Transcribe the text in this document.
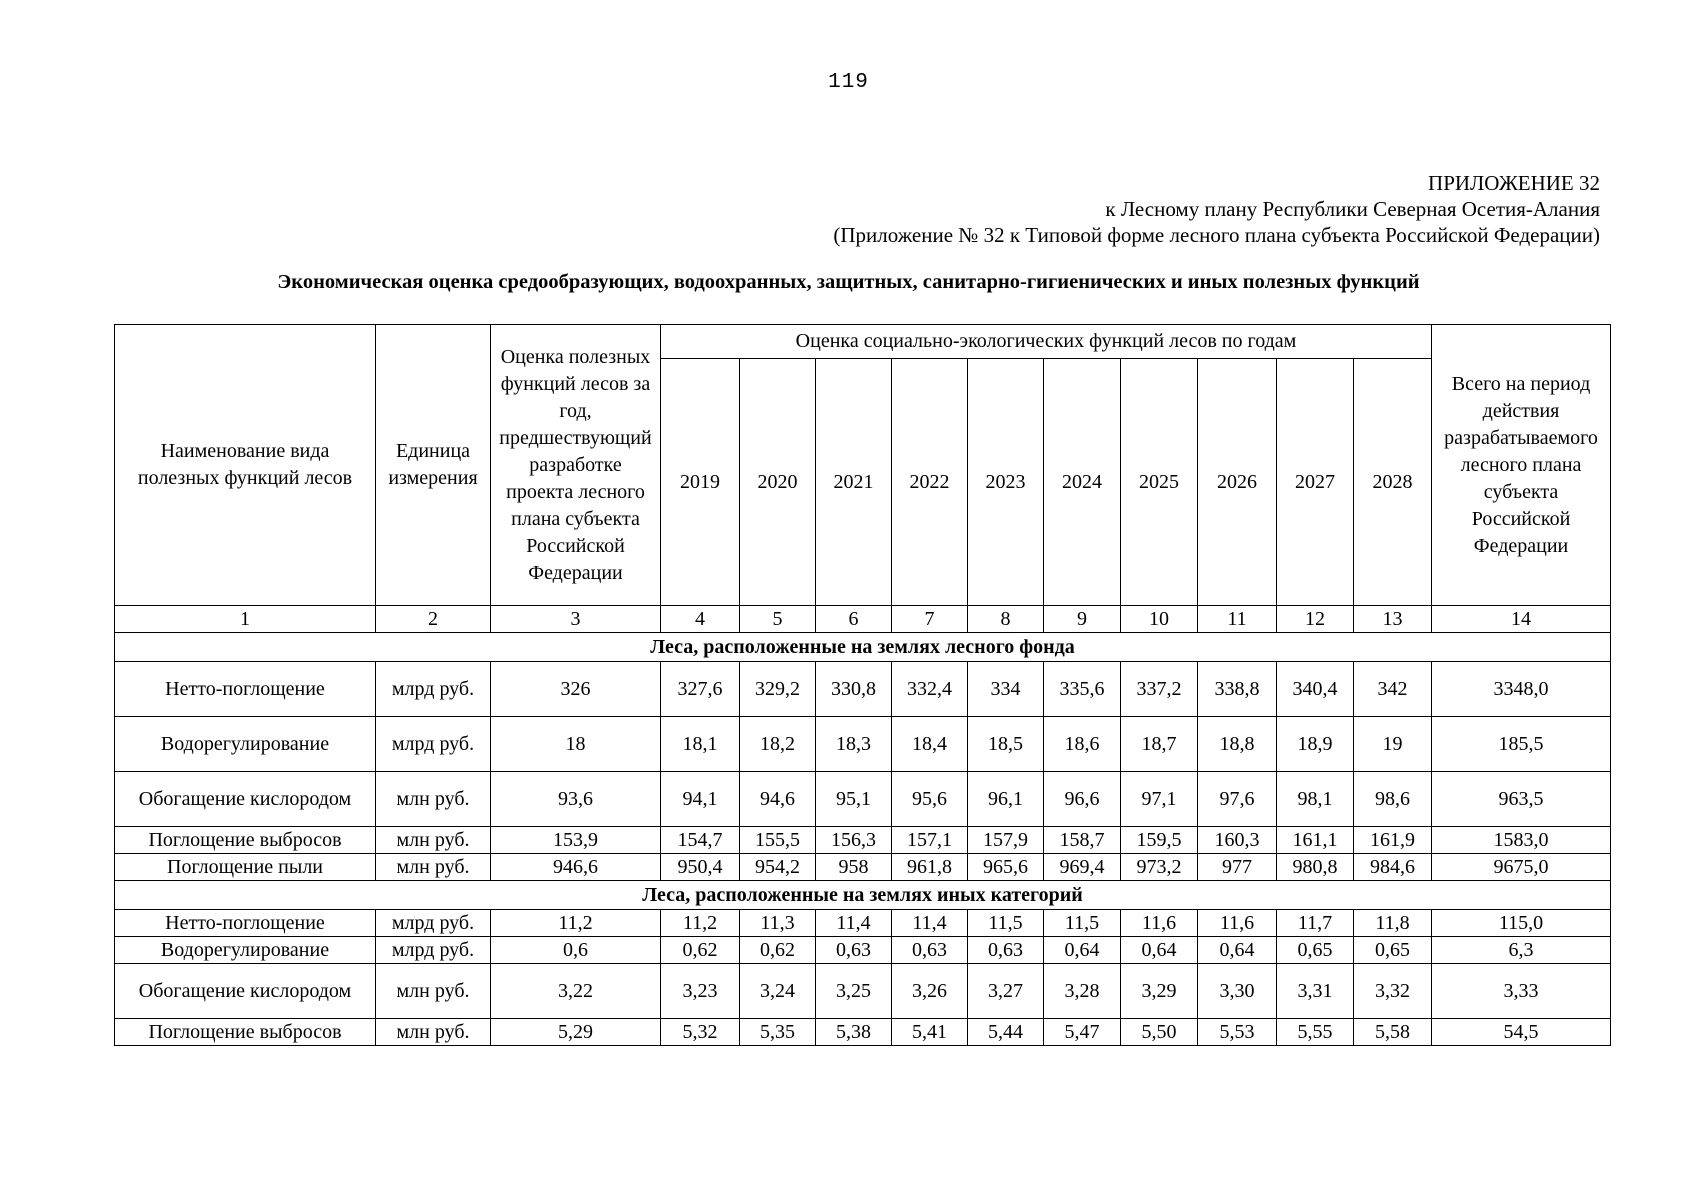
119
ПРИЛОЖЕНИЕ 32
к Лесному плану Республики Северная Осетия-Алания
(Приложение № 32 к Типовой форме лесного плана субъекта Российской Федерации)
Экономическая оценка средообразующих, водоохранных, защитных, санитарно-гигиенических и иных полезных функций
Наименование вида полезных функций лесов	Единица измерения	Оценка полезных функций лесов за год, предшествующий разработке проекта лесного плана субъекта Российской Федерации	Оценка социально-экологических функций лесов по годам										Всего на период действия разрабатываемого лесного плана субъекта Российской Федерации
			2019	2020	2021	2022	2023	2024	2025	2026	2027	2028	
1	2	3	4	5	6	7	8	9	10	11	12	13	14
Леса, расположенные на землях лесного фонда													
Нетто-поглощение	млрд руб.	326	327,6	329,2	330,8	332,4	334	335,6	337,2	338,8	340,4	342	3348,0
Водорегулирование	млрд руб.	18	18,1	18,2	18,3	18,4	18,5	18,6	18,7	18,8	18,9	19	185,5
Обогащение кислородом	млн руб.	93,6	94,1	94,6	95,1	95,6	96,1	96,6	97,1	97,6	98,1	98,6	963,5
Поглощение выбросов	млн руб.	153,9	154,7	155,5	156,3	157,1	157,9	158,7	159,5	160,3	161,1	161,9	1583,0
Поглощение пыли	млн руб.	946,6	950,4	954,2	958	961,8	965,6	969,4	973,2	977	980,8	984,6	9675,0
Леса, расположенные на землях иных категорий													
Нетто-поглощение	млрд руб.	11,2	11,2	11,3	11,4	11,4	11,5	11,5	11,6	11,6	11,7	11,8	115,0
Водорегулирование	млрд руб.	0,6	0,62	0,62	0,63	0,63	0,63	0,64	0,64	0,64	0,65	0,65	6,3
Обогащение кислородом	млн руб.	3,22	3,23	3,24	3,25	3,26	3,27	3,28	3,29	3,30	3,31	3,32	3,33
Поглощение выбросов	млн руб.	5,29	5,32	5,35	5,38	5,41	5,44	5,47	5,50	5,53	5,55	5,58	54,5
